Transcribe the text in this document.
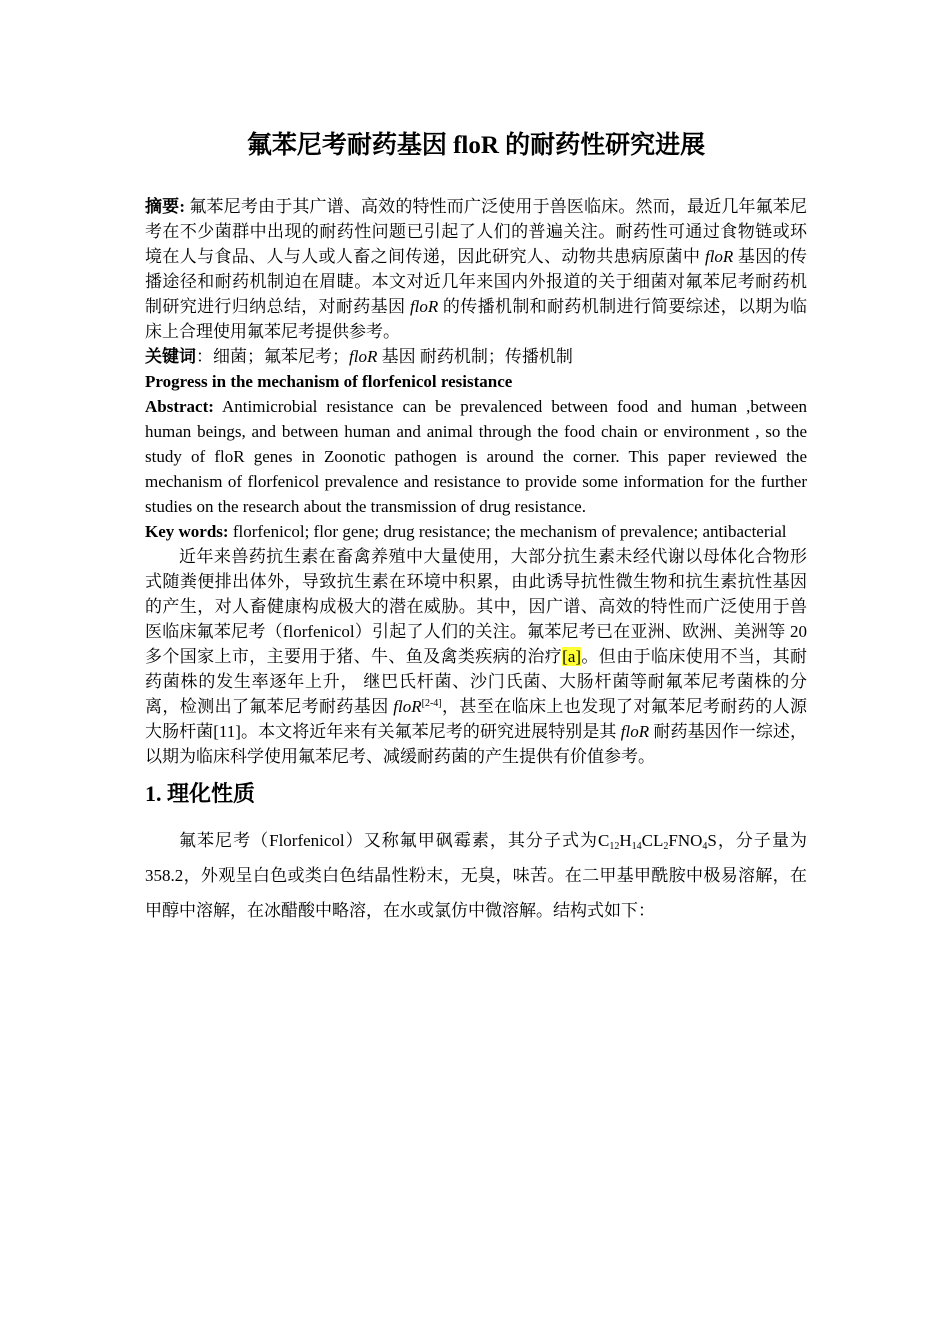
氟苯尼考耐药基因 floR 的耐药性研究进展

摘要: 氟苯尼考由于其广谱、高效的特性而广泛使用于兽医临床。然而，最近几年氟苯尼考在不少菌群中出现的耐药性问题已引起了人们的普遍关注。耐药性可通过食物链或环境在人与食品、人与人或人畜之间传递，因此研究人、动物共患病原菌中 floR 基因的传播途径和耐药机制迫在眉睫。本文对近几年来国内外报道的关于细菌对氟苯尼考耐药机制研究进行归纳总结，对耐药基因 floR 的传播机制和耐药机制进行简要综述，以期为临床上合理使用氟苯尼考提供参考。

关键词：细菌；氟苯尼考；floR 基因 耐药机制；传播机制

Progress in the mechanism of florfenicol resistance

Abstract: Antimicrobial resistance can be prevalenced between food and human ,between human beings, and between human and animal through the food chain or environment , so the study of floR genes in Zoonotic pathogen is around the corner. This paper reviewed the mechanism of florfenicol prevalence and resistance to provide some information for the further studies on the research about the transmission of drug resistance.

Key words: florfenicol; flor gene; drug resistance; the mechanism of prevalence; antibacterial

近年来兽药抗生素在畜禽养殖中大量使用，大部分抗生素未经代谢以母体化合物形式随粪便排出体外，导致抗生素在环境中积累，由此诱导抗性微生物和抗生素抗性基因的产生，对人畜健康构成极大的潜在威胁。其中，因广谱、高效的特性而广泛使用于兽医临床氟苯尼考（florfenicol）引起了人们的关注。氟苯尼考已在亚洲、欧洲、美洲等 20 多个国家上市，主要用于猪、牛、鱼及禽类疾病的治疗[a]。但由于临床使用不当，其耐药菌株的发生率逐年上升， 继巴氏杆菌、沙门氏菌、大肠杆菌等耐氟苯尼考菌株的分离，检测出了氟苯尼考耐药基因 floR[2-4]，甚至在临床上也发现了对氟苯尼考耐药的人源大肠杆菌[11]。本文将近年来有关氟苯尼考的研究进展特别是其 floR 耐药基因作一综述，以期为临床科学使用氟苯尼考、减缓耐药菌的产生提供有价值参考。

1. 理化性质

氟苯尼考（Florfenicol）又称氟甲砜霉素，其分子式为$C_{12}H_{14}CL_2FNO_4S$，分子量为358.2，外观呈白色或类白色结晶性粉末，无臭，味苦。在二甲基甲酰胺中极易溶解，在甲醇中溶解，在冰醋酸中略溶，在水或氯仿中微溶解。结构式如下：
